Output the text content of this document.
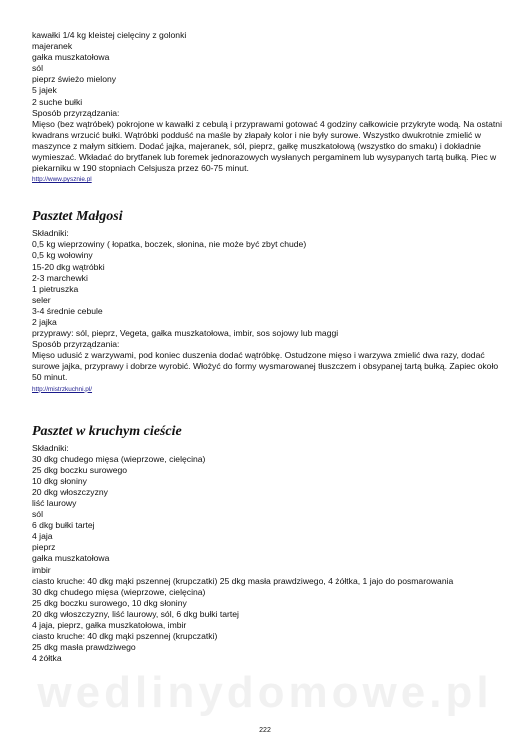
wedlinydomowe.pl
kawałki 1/4 kg kleistej cielęciny z golonki
majeranek
gałka muszkatołowa
sól
pieprz świeżo mielony
5 jajek
2 suche bułki
Sposób przyrządzania:
Mięso (bez wątróbek) pokrojone w kawałki z cebulą i przyprawami gotować 4 godziny całkowicie przykryte wodą. Na ostatni kwadrans wrzucić bułki. Wątróbki podduść na maśle by złapały kolor i nie były surowe. Wszystko dwukrotnie zmielić w maszynce z małym sitkiem. Dodać jajka, majeranek, sól, pieprz, gałkę muszkatołową (wszystko do smaku) i dokładnie wymieszać. Wkładać do brytfanek lub foremek jednorazowych wysłanych pergaminem lub wysypanych tartą bułką. Piec w piekarniku w 190 stopniach Celsjusza przez 60-75 minut.
http://www.pysznie.pl
Pasztet Małgosi
Składniki:
0,5 kg wieprzowiny ( łopatka, boczek, słonina, nie może być zbyt chude)
0,5 kg wołowiny
15-20 dkg wątróbki
2-3 marchewki
1 pietruszka
seler
3-4 średnie cebule
2 jajka
przyprawy: sól, pieprz, Vegeta, gałka muszkatołowa, imbir, sos sojowy lub maggi
Sposób przyrządzania:
Mięso udusić z warzywami, pod koniec duszenia dodać wątróbkę. Ostudzone mięso i warzywa zmielić dwa razy, dodać surowe jajka, przyprawy i dobrze wyrobić. Włożyć do formy wysmarowanej tłuszczem i obsypanej tartą bułką. Zapiec około 50 minut.
http://mistrzkuchni.pl/
Pasztet w kruchym cieście
Składniki:
30 dkg chudego mięsa (wieprzowe, cielęcina)
25 dkg boczku surowego
10 dkg słoniny
20 dkg włoszczyzny
liść laurowy
sól
6 dkg bułki tartej
4 jaja
pieprz
gałka muszkatołowa
imbir
ciasto kruche: 40 dkg mąki pszennej (krupczatki) 25 dkg masła prawdziwego, 4 żółtka, 1 jajo do posmarowania
30 dkg chudego mięsa (wieprzowe, cielęcina)
25 dkg boczku surowego, 10 dkg słoniny
20 dkg włoszczyzny, liść laurowy, sól, 6 dkg bułki tartej
4 jaja, pieprz, gałka muszkatołowa, imbir
ciasto kruche: 40 dkg mąki pszennej (krupczatki)
25 dkg masła prawdziwego
4 żółtka
222
